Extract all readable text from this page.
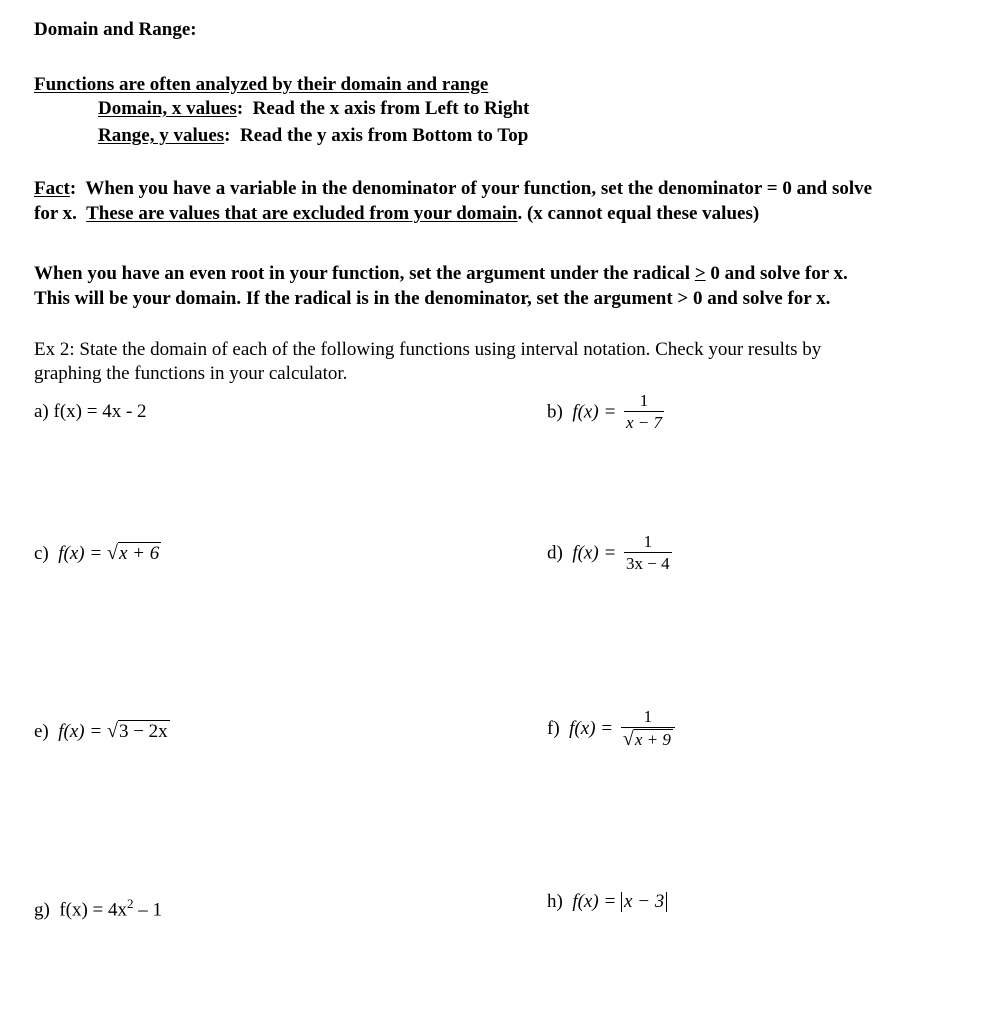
Domain and Range:
Functions are often analyzed by their domain and range
Domain, x values:  Read the x axis from Left to Right
Range, y values:  Read the y axis from Bottom to Top
Fact:  When you have a variable in the denominator of your function, set the denominator = 0 and solve
for x. These are values that are excluded from your domain. (x cannot equal these values)
When you have an even root in your function, set the argument under the radical ≥ 0 and solve for x.
This will be your domain. If the radical is in the denominator, set the argument > 0 and solve for x.
Ex 2: State the domain of each of the following functions using interval notation. Check your results by
graphing the functions in your calculator.
a) f(x) = 4x - 2	b) $f(x) = \frac{1}{x - 7}$
c) f(x) = √x + 6	d) $f(x) = \frac{1}{3x - 4}$
e) f(x) = √3 − 2x	f) $f(x) = \frac{1}{√x + 9}$
g) $f(x) = 4x^2 - 1$	h) f(x) = x − 3
